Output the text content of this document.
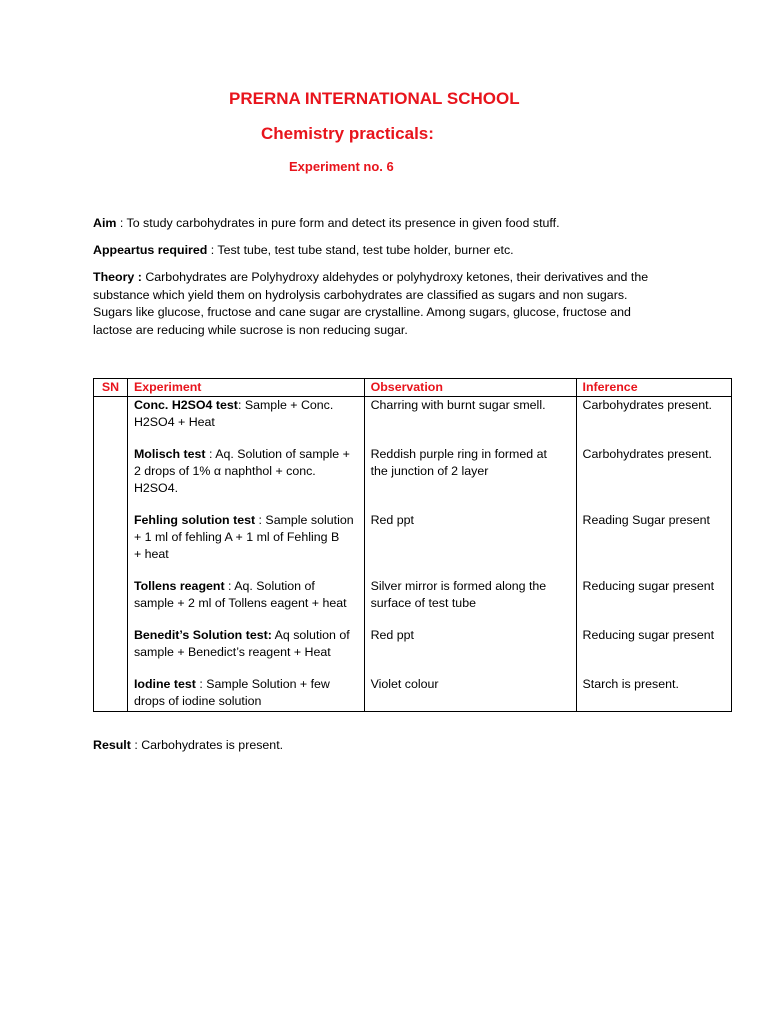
PRERNA INTERNATIONAL SCHOOL
Chemistry practicals:
Experiment no. 6
Aim : To study carbohydrates in pure form and detect its presence in given food stuff.
Appeartus required : Test tube, test tube stand, test tube holder, burner etc.
Theory : Carbohydrates are Polyhydroxy aldehydes or polyhydroxy ketones, their derivatives and the
substance which yield them on hydrolysis carbohydrates are classified as sugars and non sugars.
Sugars like glucose, fructose and cane sugar are crystalline. Among sugars, glucose, fructose and
lactose are reducing while sucrose is non reducing sugar.
SN	Experiment	Observation	Inference

	Conc. H2SO4 test: Sample + Conc.
H2SO4 + Heat	Charring with burnt sugar smell.	Carbohydrates present.

	Molisch test : Aq. Solution of sample +
2 drops of 1% α naphthol + conc.
H2SO4.	Reddish purple ring in formed at
the junction of 2 layer	Carbohydrates present.

	Fehling solution test : Sample solution
+ 1 ml of fehling A + 1 ml of Fehling B
+ heat	Red ppt	Reading Sugar present

	Tollens reagent : Aq. Solution of
sample + 2 ml of Tollens eagent + heat	Silver mirror is formed along the
surface of test tube	Reducing sugar present

	Benedit’s Solution test: Aq solution of
sample + Benedict’s reagent + Heat	Red ppt	Reducing sugar present

	Iodine test : Sample Solution + few
drops of iodine solution	Violet colour	Starch is present.
Result : Carbohydrates is present.
